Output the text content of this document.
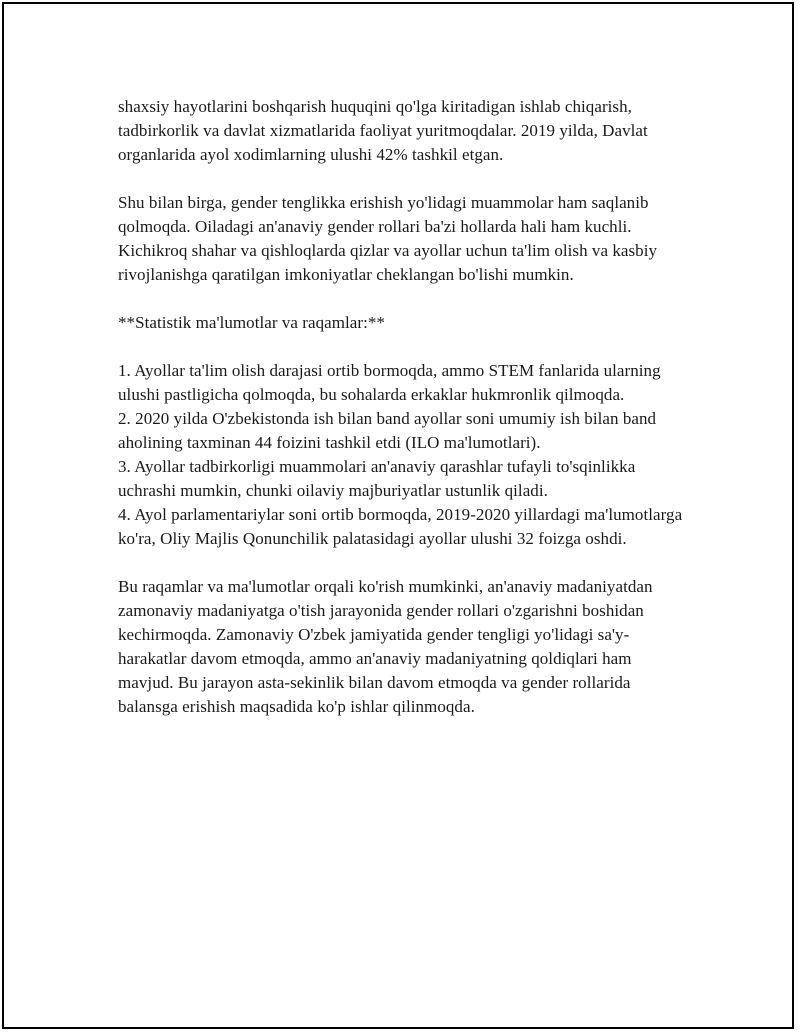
shaxsiy hayotlarini boshqarish huquqini qo'lga kiritadigan ishlab chiqarish, tadbirkorlik va davlat xizmatlarida faoliyat yuritmoqdalar. 2019 yilda, Davlat organlarida ayol xodimlarning ulushi 42% tashkil etgan.

Shu bilan birga, gender tenglikka erishish yo'lidagi muammolar ham saqlanib qolmoqda. Oiladagi an'anaviy gender rollari ba'zi hollarda hali ham kuchli. Kichikroq shahar va qishloqlarda qizlar va ayollar uchun ta'lim olish va kasbiy rivojlanishga qaratilgan imkoniyatlar cheklangan bo'lishi mumkin.

**Statistik ma'lumotlar va raqamlar:**

1. Ayollar ta'lim olish darajasi ortib bormoqda, ammo STEM fanlarida ularning ulushi pastligicha qolmoqda, bu sohalarda erkaklar hukmronlik qilmoqda.
2. 2020 yilda O'zbekistonda ish bilan band ayollar soni umumiy ish bilan band aholining taxminan 44 foizini tashkil etdi (ILO ma'lumotlari).
3. Ayollar tadbirkorligi muammolari an'anaviy qarashlar tufayli to'sqinlikka uchrashi mumkin, chunki oilaviy majburiyatlar ustunlik qiladi.
4. Ayol parlamentariylar soni ortib bormoqda, 2019-2020 yillardagi ma'lumotlarga ko'ra, Oliy Majlis Qonunchilik palatasidagi ayollar ulushi 32 foizga oshdi.

Bu raqamlar va ma'lumotlar orqali ko'rish mumkinki, an'anaviy madaniyatdan zamonaviy madaniyatga o'tish jarayonida gender rollari o'zgarishni boshidan kechirmoqda. Zamonaviy O'zbek jamiyatida gender tengligi yo'lidagi sa'y-harakatlar davom etmoqda, ammo an'anaviy madaniyatning qoldiqlari ham mavjud. Bu jarayon asta-sekinlik bilan davom etmoqda va gender rollarida balansga erishish maqsadida ko'p ishlar qilinmoqda.
